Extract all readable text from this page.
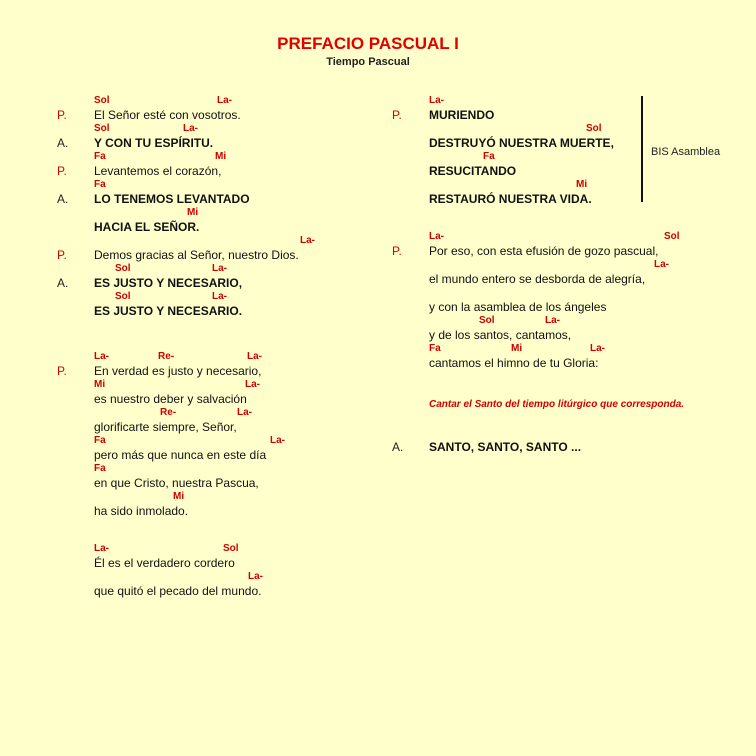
PREFACIO PASCUAL I
Tiempo Pascual
Sol	La-
P. El Señor esté con vosotros.
Sol	La-
A. Y CON TU ESPÍRITU.
Fa	Mi
P. Levantemos el corazón,
Fa
A. LO TENEMOS LEVANTADO
Mi
HACIA EL SEÑOR.
La-
P. Demos gracias al Señor, nuestro Dios.
Sol	La-
A. ES JUSTO Y NECESARIO,
Sol	La-
ES JUSTO Y NECESARIO.
La-	Re-	La-
P. En verdad es justo y necesario,
Mi	La-
es nuestro deber y salvación
Re-	La-
glorificarte siempre, Señor,
Fa	La-
pero más que nunca en este día
Fa
en que Cristo, nuestra Pascua,
Mi
ha sido inmolado.
La-	Sol
Él es el verdadero cordero
La-
que quitó el pecado del mundo.
La-
P. MURIENDO
Sol
DESTRUYÓ NUESTRA MUERTE,
Fa
RESUCITANDO
Mi
RESTAURÓ NUESTRA VIDA.
La-	Sol
P. Por eso, con esta efusión de gozo pascual,
La-
el mundo entero se desborda de alegría,
y con la asamblea de los ángeles
Sol	La-
y de los santos, cantamos,
Fa	Mi	La-
cantamos el himno de tu Gloria:
A. SANTO, SANTO, SANTO ...
BIS Asamblea
Cantar el Santo del tiempo litúrgico que corresponda.
